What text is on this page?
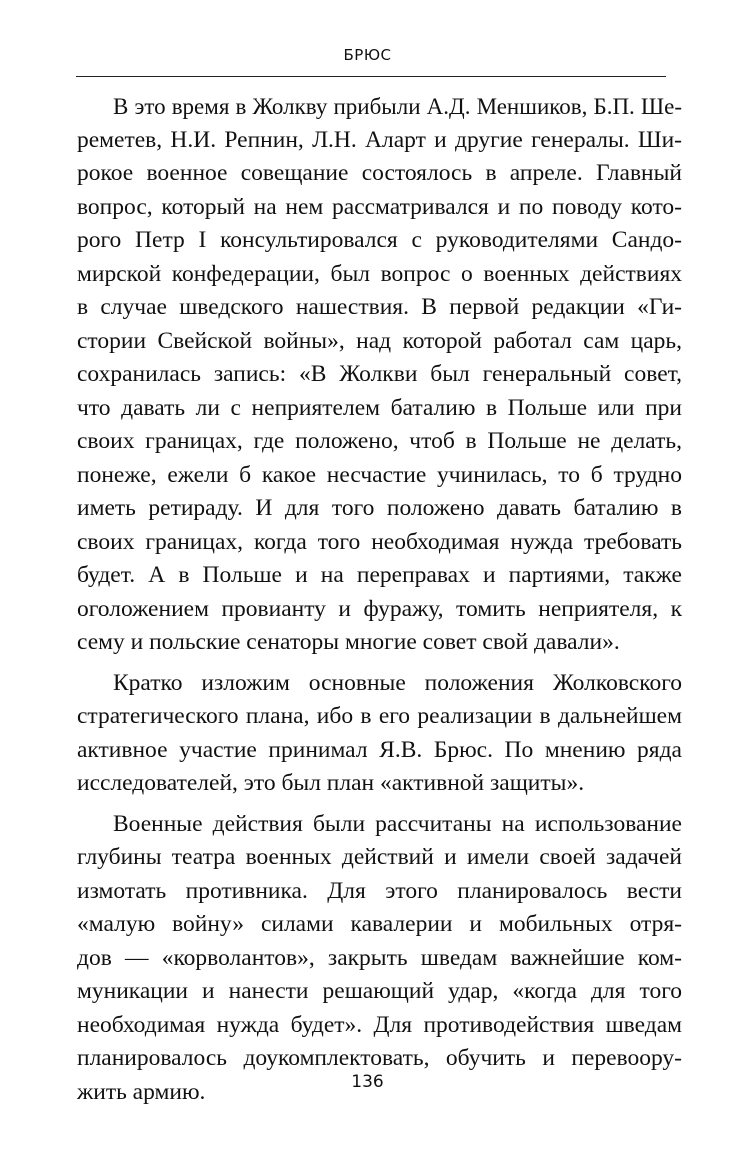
БРЮС

В это время в Жолкву прибыли А.Д. Меншиков, Б.П. Ше-
реметев, Н.И. Репнин, Л.Н. Аларт и другие генералы. Ши-
рокое военное совещание состоялось в апреле. Главный
вопрос, который на нем рассматривался и по поводу кото-
рого Петр I консультировался с руководителями Сандо-
мирской конфедерации, был вопрос о военных действиях
в случае шведского нашествия. В первой редакции «Ги-
стории Свейской войны», над которой работал сам царь,
сохранилась запись: «В Жолкви был генеральный совет,
что давать ли с неприятелем баталию в Польше или при
своих границах, где положено, чтоб в Польше не делать,
понеже, ежели б какое несчастие учинилась, то б трудно
иметь ретираду. И для того положено давать баталию в
своих границах, когда того необходимая нужда требовать
будет. А в Польше и на переправах и партиями, также
оголожением провианту и фуражу, томить неприятеля, к
сему и польские сенаторы многие совет свой давали».

Кратко изложим основные положения Жолковского
стратегического плана, ибо в его реализации в дальнейшем
активное участие принимал Я.В. Брюс. По мнению ряда
исследователей, это был план «активной защиты».

Военные действия были рассчитаны на использование
глубины театра военных действий и имели своей задачей
измотать противника. Для этого планировалось вести
«малую войну» силами кавалерии и мобильных отря-
дов — «корволантов», закрыть шведам важнейшие ком-
муникации и нанести решающий удар, «когда для того
необходимая нужда будет». Для противодействия шведам
планировалось доукомплектовать, обучить и перевоору-
жить армию.	136
